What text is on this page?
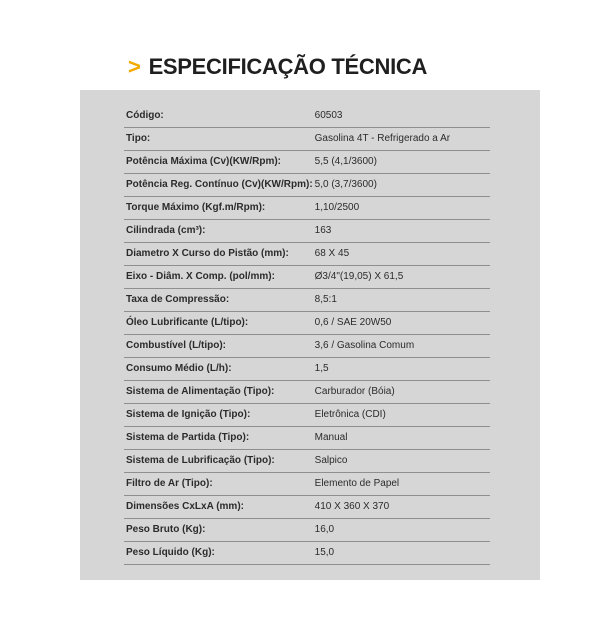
> ESPECIFICAÇÃO TÉCNICA
Código:	60503
Tipo:	Gasolina 4T - Refrigerado a Ar
Potência Máxima (Cv)(KW/Rpm):	5,5 (4,1/3600)
Potência Reg. Contínuo (Cv)(KW/Rpm):	5,0 (3,7/3600)
Torque Máximo (Kgf.m/Rpm):	1,10/2500
Cilindrada (cm³):	163
Diametro X Curso do Pistão (mm):	68 X 45
Eixo - Diâm. X Comp. (pol/mm):	Ø3/4"(19,05) X 61,5
Taxa de Compressão:	8,5:1
Óleo Lubrificante (L/tipo):	0,6 / SAE 20W50
Combustível (L/tipo):	3,6 / Gasolina Comum
Consumo Médio (L/h):	1,5
Sistema de Alimentação (Tipo):	Carburador (Bóia)
Sistema de Ignição (Tipo):	Eletrônica (CDI)
Sistema de Partida (Tipo):	Manual
Sistema de Lubrificação (Tipo):	Salpico
Filtro de Ar (Tipo):	Elemento de Papel
Dimensões CxLxA (mm):	410 X 360 X 370
Peso Bruto (Kg):	16,0
Peso Líquido (Kg):	15,0
